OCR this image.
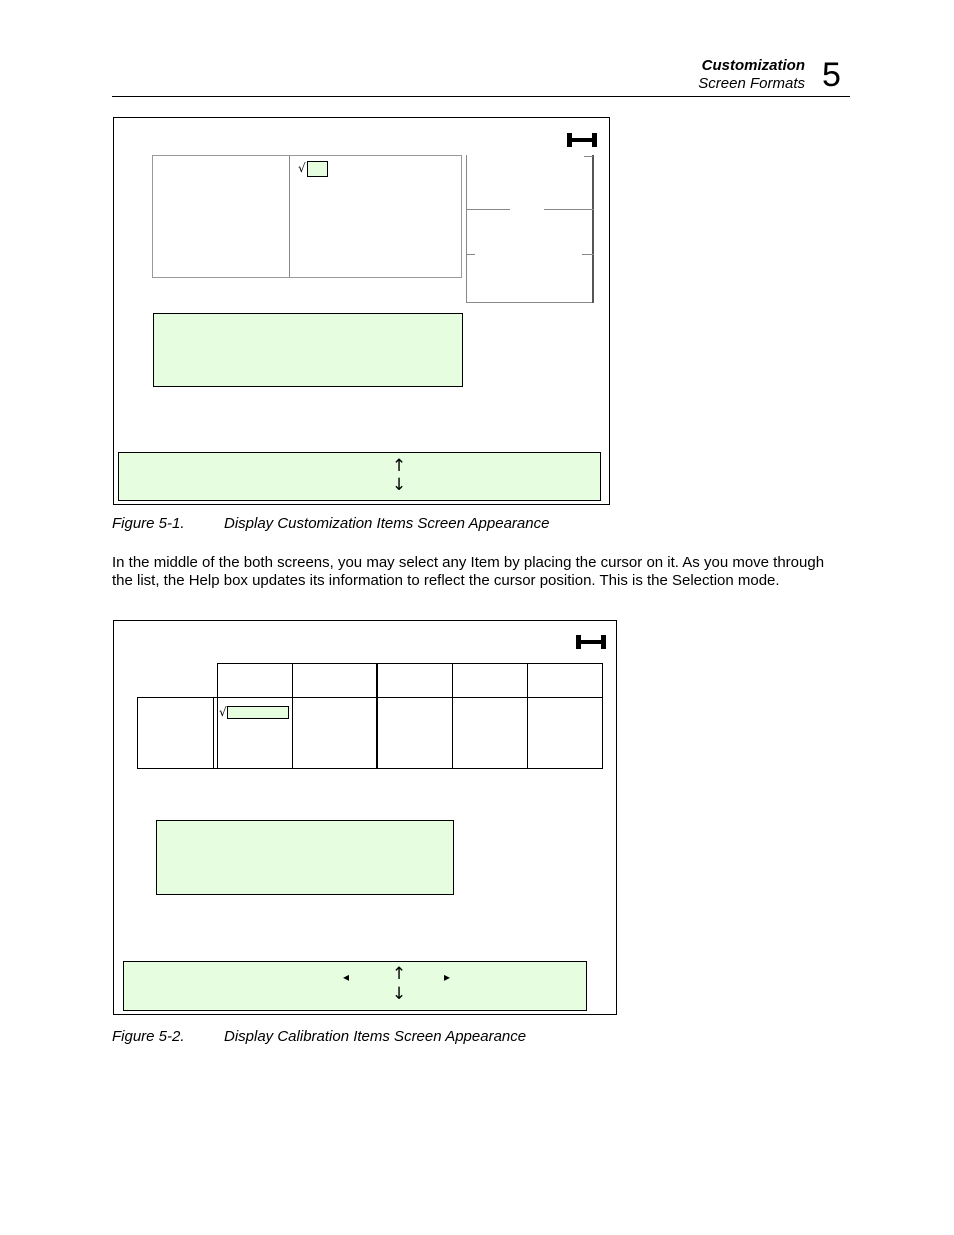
Customization
Screen Formats 5
√
↑
↓
Figure 5-1.	Display Customization Items Screen Appearance

In the middle of the both screens, you may select any Item by placing the cursor on it. As you move through the list, the Help box updates its information to reflect the cursor position. This is the Selection mode.

√
◂	↑	▸
↓
Figure 5-2.	Display Calibration Items Screen Appearance
